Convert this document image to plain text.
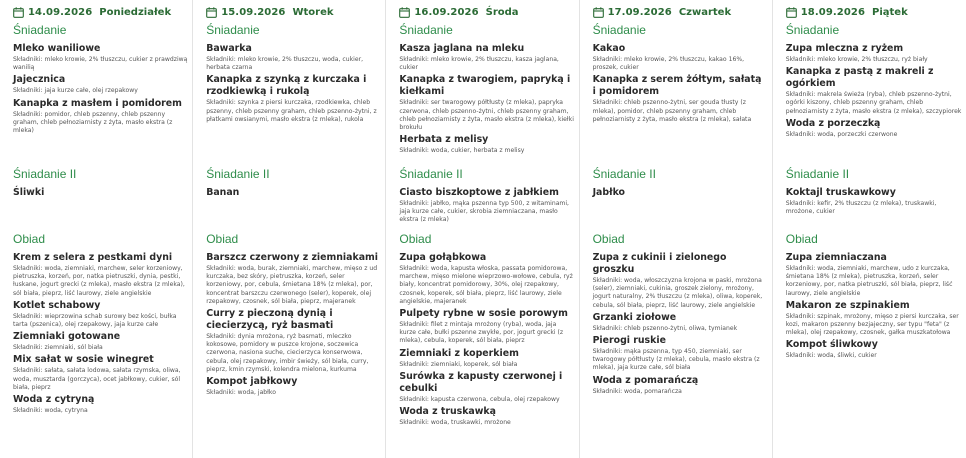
14.09.2026 Poniedziałek
Śniadanie
Mleko waniliowe
Składniki: mleko krowie, 2% tłuszczu, cukier z prawdziwą wanilią
Jajecznica
Składniki: jaja kurze całe, olej rzepakowy
Kanapka z masłem i pomidorem
Składniki: pomidor, chleb pszenny, chleb pszenny graham, chleb pełnoziarnisty z żyta, masło ekstra (z mleka)
Śniadanie II
Śliwki
Obiad
Krem z selera z pestkami dyni
Składniki: woda, ziemniaki, marchew, seler korzeniowy, pietruszka, korzeń, por, natka pietruszki, dynia, pestki, łuskane, jogurt grecki (z mleka), masło ekstra (z mleka), sól biała, pieprz, liść laurowy, ziele angielskie
Kotlet schabowy
Składniki: wieprzowina schab surowy bez kości, bułka tarta (pszenica), olej rzepakowy, jaja kurze całe
Ziemniaki gotowane
Składniki: ziemniaki, sól biała
Mix sałat w sosie winegret
Składniki: sałata, sałata lodowa, sałata rzymska, oliwa, woda, musztarda (gorczyca), ocet jabłkowy, cukier, sól biała, pieprz
Woda z cytryną
Składniki: woda, cytryna
15.09.2026 Wtorek
Śniadanie
Bawarka
Składniki: mleko krowie, 2% tłuszczu, woda, cukier, herbata czarna
Kanapka z szynką z kurczaka i rzodkiewką i rukolą
Składniki: szynka z piersi kurczaka, rzodkiewka, chleb pszenny, chleb pszenny graham, chleb pszenno-żytni, z płatkami owsianymi, masło ekstra (z mleka), rukola
Śniadanie II
Banan
Obiad
Barszcz czerwony z ziemniakami
Składniki: woda, burak, ziemniaki, marchew, mięso z ud kurczaka, bez skóry, pietruszka, korzeń, seler korzeniowy, por, cebula, śmietana 18% (z mleka), por, koncentrat barszczu czerwonego (seler), koperek, olej rzepakowy, czosnek, sól biała, pieprz, majeranek
Curry z pieczoną dynią i ciecierzycą, ryż basmati
Składniki: dynia mrożona, ryż basmati, mleczko kokosowe, pomidory w puszce krojone, soczewica czerwona, nasiona suche, ciecierzyca konserwowa, cebula, olej rzepakowy, imbir świeży, sól biała, curry, pieprz, kmin rzymski, kolendra mielona, kurkuma
Kompot jabłkowy
Składniki: woda, jabłko
16.09.2026 Środa
Śniadanie
Kasza jaglana na mleku
Składniki: mleko krowie, 2% tłuszczu, kasza jaglana, cukier
Kanapka z twarogiem, papryką i kiełkami
Składniki: ser twarogowy półtłusty (z mleka), papryka czerwona, chleb pszenno-żytni, chleb pszenny graham, chleb pełnoziarnisty z żyta, masło ekstra (z mleka), kiełki brokułu
Herbata z melisy
Składniki: woda, cukier, herbata z melisy
Śniadanie II
Ciasto biszkoptowe z jabłkiem
Składniki: jabłko, mąka pszenna typ 500, z witaminami, jaja kurze całe, cukier, skrobia ziemniaczana, masło ekstra (z mleka)
Obiad
Zupa gołąbkowa
Składniki: woda, kapusta włoska, passata pomidorowa, marchew, mięso mielone wieprzowo-wołowe, cebula, ryż biały, koncentrat pomidorowy, 30%, olej rzepakowy, czosnek, koperek, sól biała, pieprz, liść laurowy, ziele angielskie, majeranek
Pulpety rybne w sosie porowym
Składniki: filet z mintaja mrożony (ryba), woda, jaja kurze całe, bułki pszenne zwykłe, por, jogurt grecki (z mleka), cebula, koperek, sól biała, pieprz
Ziemniaki z koperkiem
Składniki: ziemniaki, koperek, sól biała
Surówka z kapusty czerwonej i cebulki
Składniki: kapusta czerwona, cebula, olej rzepakowy
Woda z truskawką
Składniki: woda, truskawki, mrożone
17.09.2026 Czwartek
Śniadanie
Kakao
Składniki: mleko krowie, 2% tłuszczu, kakao 16%, proszek, cukier
Kanapka z serem żółtym, sałatą i pomidorem
Składniki: chleb pszenno-żytni, ser gouda tłusty (z mleka), pomidor, chleb pszenny graham, chleb pełnoziarnisty z żyta, masło ekstra (z mleka), sałata
Śniadanie II
Jabłko
Obiad
Zupa z cukinii i zielonego groszku
Składniki: woda, włoszczyzna krojona w paski, mrożona (seler), ziemniaki, cukinia, groszek zielony, mrożony, jogurt naturalny, 2% tłuszczu (z mleka), oliwa, koperek, cebula, sól biała, pieprz, liść laurowy, ziele angielskie
Grzanki ziołowe
Składniki: chleb pszenno-żytni, oliwa, tymianek
Pierogi ruskie
Składniki: mąka pszenna, typ 450, ziemniaki, ser twarogowy półtłusty (z mleka), cebula, masło ekstra (z mleka), jaja kurze całe, sól biała
Woda z pomarańczą
Składniki: woda, pomarańcza
18.09.2026 Piątek
Śniadanie
Zupa mleczna z ryżem
Składniki: mleko krowie, 2% tłuszczu, ryż biały
Kanapka z pastą z makreli z ogórkiem
Składniki: makrela świeża (ryba), chleb pszenno-żytni, ogórki kiszony, chleb pszenny graham, chleb pełnoziarnisty z żyta, masło ekstra (z mleka), szczypiorek
Woda z porzeczką
Składniki: woda, porzeczki czerwone
Śniadanie II
Koktajl truskawkowy
Składniki: kefir, 2% tłuszczu (z mleka), truskawki, mrożone, cukier
Obiad
Zupa ziemniaczana
Składniki: woda, ziemniaki, marchew, udo z kurczaka, śmietana 18% (z mleka), pietruszka, korzeń, seler korzeniowy, por, natka pietruszki, sól biała, pieprz, liść laurowy, ziele angielskie
Makaron ze szpinakiem
Składniki: szpinak, mrożony, mięso z piersi kurczaka, ser kozi, makaron pszenny bezjajeczny, ser typu "feta" (z mleka), olej rzepakowy, czosnek, gałka muszkatołowa
Kompot śliwkowy
Składniki: woda, śliwki, cukier
